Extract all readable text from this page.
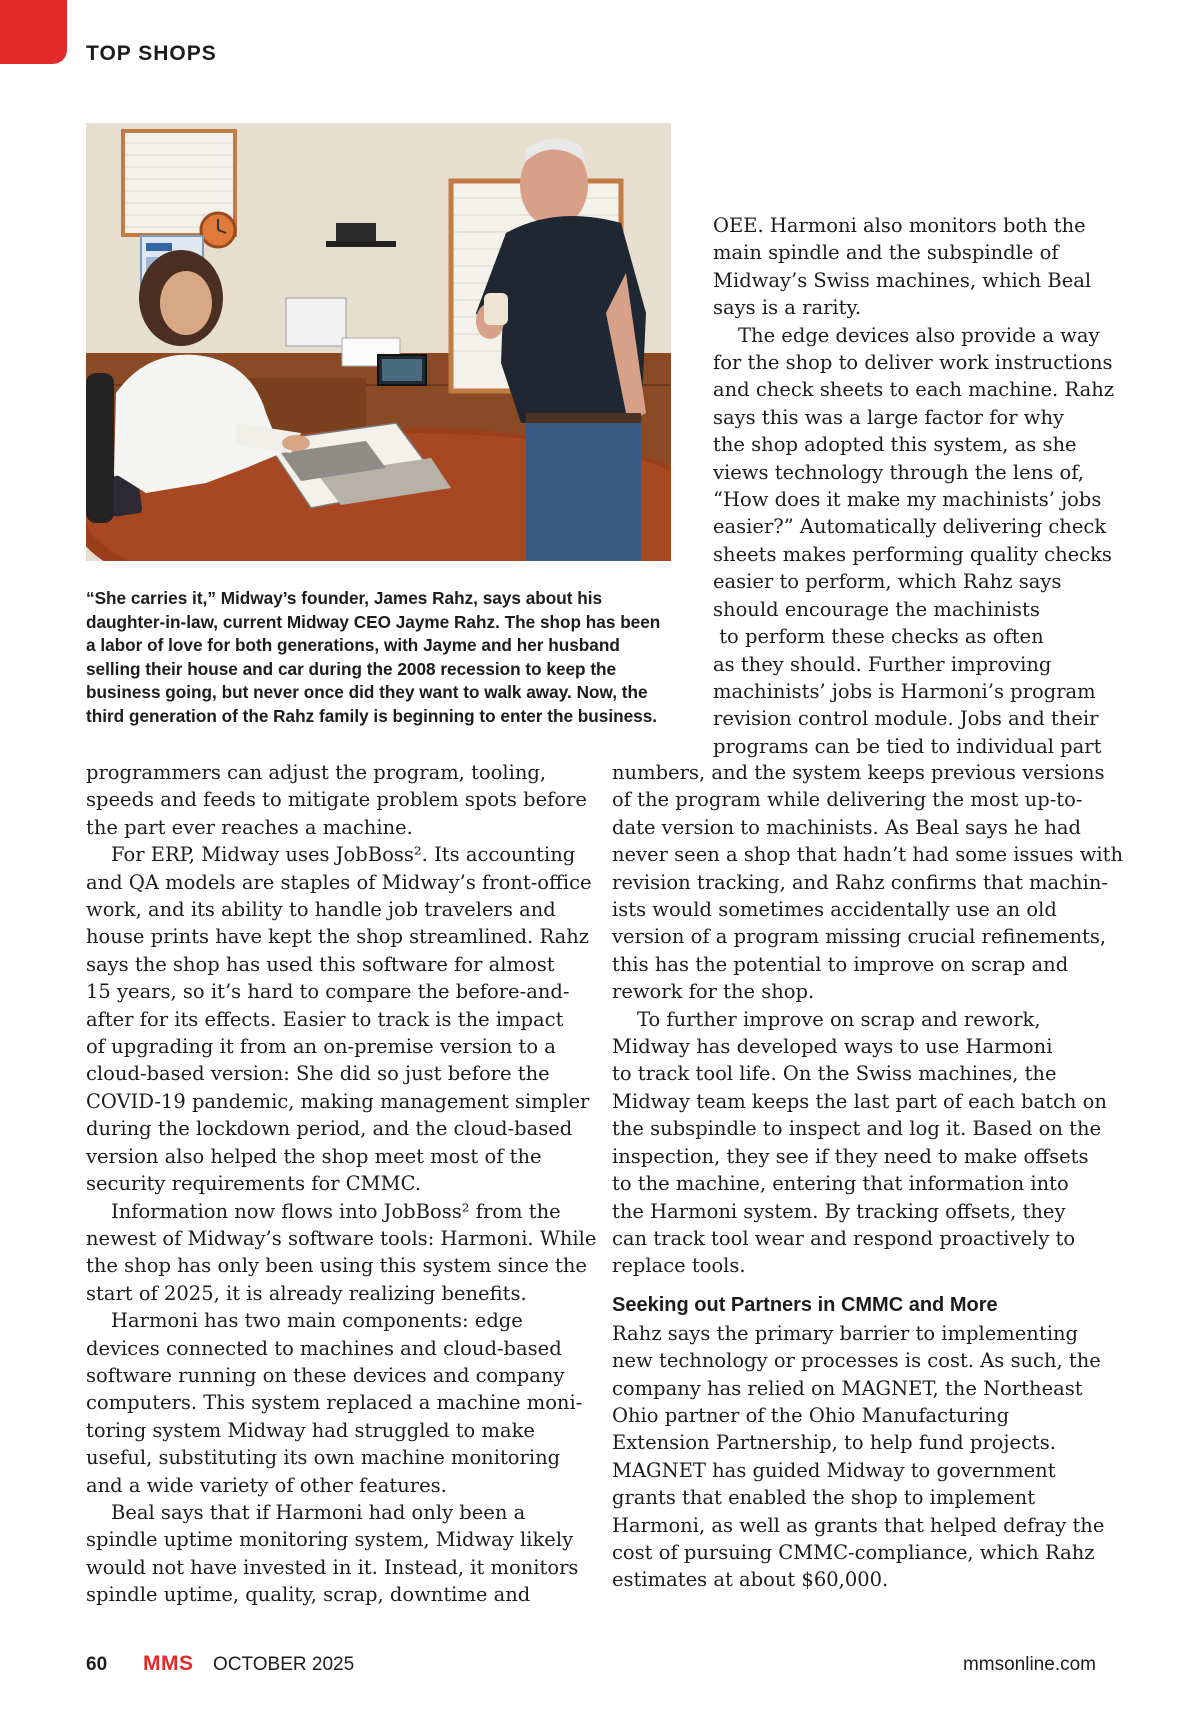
TOP SHOPS
“She carries it,” Midway’s founder, James Rahz, says about his
daughter-in-law, current Midway CEO Jayme Rahz. The shop has been
a labor of love for both generations, with Jayme and her husband
selling their house and car during the 2008 recession to keep the
business going, but never once did they want to walk away. Now, the
third generation of the Rahz family is beginning to enter the business.
OEE. Harmoni also monitors both the
main spindle and the subspindle of
Midway’s Swiss machines, which Beal
says is a rarity.
The edge devices also provide a way
for the shop to deliver work instructions
and check sheets to each machine. Rahz
says this was a large factor for why
the shop adopted this system, as she
views technology through the lens of,
“How does it make my machinists’ jobs
easier?” Automatically delivering check
sheets makes performing quality checks
easier to perform, which Rahz says
should encourage the machinists
to perform these checks as often
as they should. Further improving
machinists’ jobs is Harmoni’s program
revision control module. Jobs and their
programs can be tied to individual part
programmers can adjust the program, tooling,
speeds and feeds to mitigate problem spots before
the part ever reaches a machine.
For ERP, Midway uses JobBoss². Its accounting
and QA models are staples of Midway’s front-office
work, and its ability to handle job travelers and
house prints have kept the shop streamlined. Rahz
says the shop has used this software for almost
15 years, so it’s hard to compare the before-and-
after for its effects. Easier to track is the impact
of upgrading it from an on-premise version to a
cloud-based version: She did so just before the
COVID-19 pandemic, making management simpler
during the lockdown period, and the cloud-based
version also helped the shop meet most of the
security requirements for CMMC.
Information now flows into JobBoss² from the
newest of Midway’s software tools: Harmoni. While
the shop has only been using this system since the
start of 2025, it is already realizing benefits.
Harmoni has two main components: edge
devices connected to machines and cloud-based
software running on these devices and company
computers. This system replaced a machine moni-
toring system Midway had struggled to make
useful, substituting its own machine monitoring
and a wide variety of other features.
Beal says that if Harmoni had only been a
spindle uptime monitoring system, Midway likely
would not have invested in it. Instead, it monitors
spindle uptime, quality, scrap, downtime and
numbers, and the system keeps previous versions
of the program while delivering the most up-to-
date version to machinists. As Beal says he had
never seen a shop that hadn’t had some issues with
revision tracking, and Rahz confirms that machin-
ists would sometimes accidentally use an old
version of a program missing crucial refinements,
this has the potential to improve on scrap and
rework for the shop.
To further improve on scrap and rework,
Midway has developed ways to use Harmoni
to track tool life. On the Swiss machines, the
Midway team keeps the last part of each batch on
the subspindle to inspect and log it. Based on the
inspection, they see if they need to make offsets
to the machine, entering that information into
the Harmoni system. By tracking offsets, they
can track tool wear and respond proactively to
replace tools.
Seeking out Partners in CMMC and More
Rahz says the primary barrier to implementing
new technology or processes is cost. As such, the
company has relied on MAGNET, the Northeast
Ohio partner of the Ohio Manufacturing
Extension Partnership, to help fund projects.
MAGNET has guided Midway to government
grants that enabled the shop to implement
Harmoni, as well as grants that helped defray the
cost of pursuing CMMC-compliance, which Rahz
estimates at about $60,000.
60 MMS OCTOBER 2025	mmsonline.com
